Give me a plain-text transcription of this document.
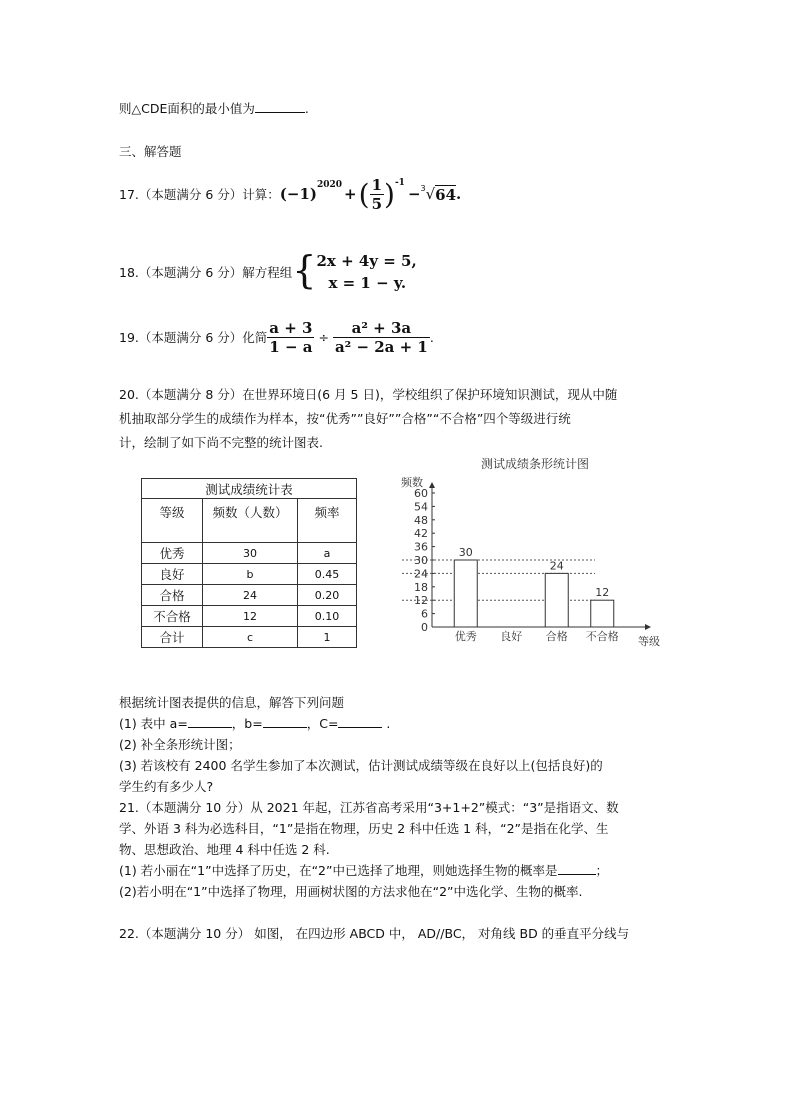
则△CDE面积的最小值为	.
三、解答题
17.（本题满分 6 分）计算： $(-1)^{2020}$ + ( $\frac{1}{5} )^{-1}$
−$^3$ √ 64 .
18.（本题满分 6 分）解方程组 { 2x + 4y = 5,
x = 1 − y.
19.（本题满分 6 分）化简 $\frac{a + 3}{1 - a} \div \frac{\text{a² + 3a}}{\text{a² − 2a + 1}}$ .
20.（本题满分 8 分）在世界环境日(6 月 5 日)，学校组织了保护环境知识测试，现从中随
机抽取部分学生的成绩作为样本，按“优秀””良好””合格”“不合格”四个等级进行统
计，绘制了如下尚不完整的统计图表.
测试成绩统计表		
等级	频数（人数）	频率
优秀	30	a
良好	b	0.45
合格	24	0.20
不合格	12	0.10
合计	c	1
测试成绩条形统计图
频数
等级
0
6
12
18
24
30
36
42
48
54
60
30
优秀 良好
24
合格
12
不合格
根据统计图表提供的信息，解答下列问题
(1) 表中 a=	，b=	，C=	.
(2) 补全条形统计图；
(3) 若该校有 2400 名学生参加了本次测试，估计测试成绩等级在良好以上(包括良好)的
学生约有多少人?
21.（本题满分 10 分）从 2021 年起，江苏省高考采用“3+1+2”模式：“3”是指语文、数
学、外语 3 科为必选科目，“1”是指在物理，历史 2 科中任选 1 科，“2”是指在化学、生
物、思想政治、地理 4 科中任选 2 科.
(1) 若小丽在“1”中选择了历史，在“2”中已选择了地理，则她选择生物的概率是	；
(2)若小明在“1”中选择了物理，用画树状图的方法求他在“2”中选化学、生物的概率.
22.（本题满分 10 分） 如图， 在四边形 ABCD 中， AD//BC， 对角线 BD 的垂直平分线与
